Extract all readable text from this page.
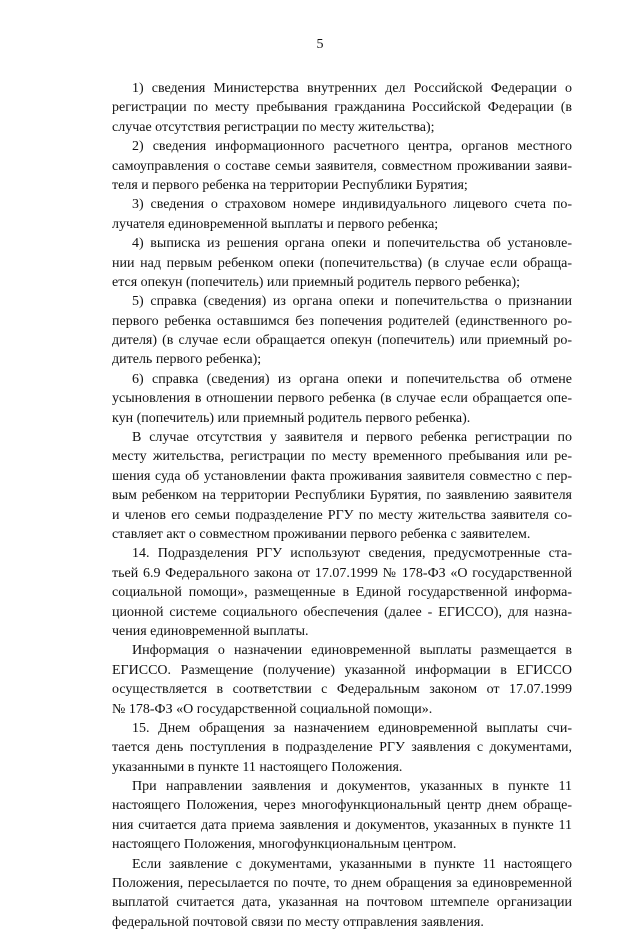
5
1) сведения Министерства внутренних дел Российской Федерации о
регистрации по месту пребывания гражданина Российской Федерации (в
случае отсутствия регистрации по месту жительства);
2) сведения информационного расчетного центра, органов местного
самоуправления о составе семьи заявителя, совместном проживании заяви-
теля и первого ребенка на территории Республики Бурятия;
3) сведения о страховом номере индивидуального лицевого счета по-
лучателя единовременной выплаты и первого ребенка;
4) выписка из решения органа опеки и попечительства об установле-
нии над первым ребенком опеки (попечительства) (в случае если обраща-
ется опекун (попечитель) или приемный родитель первого ребенка);
5) справка (сведения) из органа опеки и попечительства о признании
первого ребенка оставшимся без попечения родителей (единственного ро-
дителя) (в случае если обращается опекун (попечитель) или приемный ро-
дитель первого ребенка);
6) справка (сведения) из органа опеки и попечительства об отмене
усыновления в отношении первого ребенка (в случае если обращается опе-
кун (попечитель) или приемный родитель первого ребенка).
В случае отсутствия у заявителя и первого ребенка регистрации по
месту жительства, регистрации по месту временного пребывания или ре-
шения суда об установлении факта проживания заявителя совместно с пер-
вым ребенком на территории Республики Бурятия, по заявлению заявителя
и членов его семьи подразделение РГУ по месту жительства заявителя со-
ставляет акт о совместном проживании первого ребенка с заявителем.
14. Подразделения РГУ используют сведения, предусмотренные ста-
тьей 6.9 Федерального закона от 17.07.1999 № 178-ФЗ «О государственной
социальной помощи», размещенные в Единой государственной информа-
ционной системе социального обеспечения (далее - ЕГИССО), для назна-
чения единовременной выплаты.
Информация о назначении единовременной выплаты размещается в
ЕГИССО. Размещение (получение) указанной информации в ЕГИССО
осуществляется в соответствии с Федеральным законом от 17.07.1999
№ 178-ФЗ «О государственной социальной помощи».
15. Днем обращения за назначением единовременной выплаты счи-
тается день поступления в подразделение РГУ заявления с документами,
указанными в пункте 11 настоящего Положения.
При направлении заявления и документов, указанных в пункте 11
настоящего Положения, через многофункциональный центр днем обраще-
ния считается дата приема заявления и документов, указанных в пункте 11
настоящего Положения, многофункциональным центром.
Если заявление с документами, указанными в пункте 11 настоящего
Положения, пересылается по почте, то днем обращения за единовременной
выплатой считается дата, указанная на почтовом штемпеле организации
федеральной почтовой связи по месту отправления заявления.
